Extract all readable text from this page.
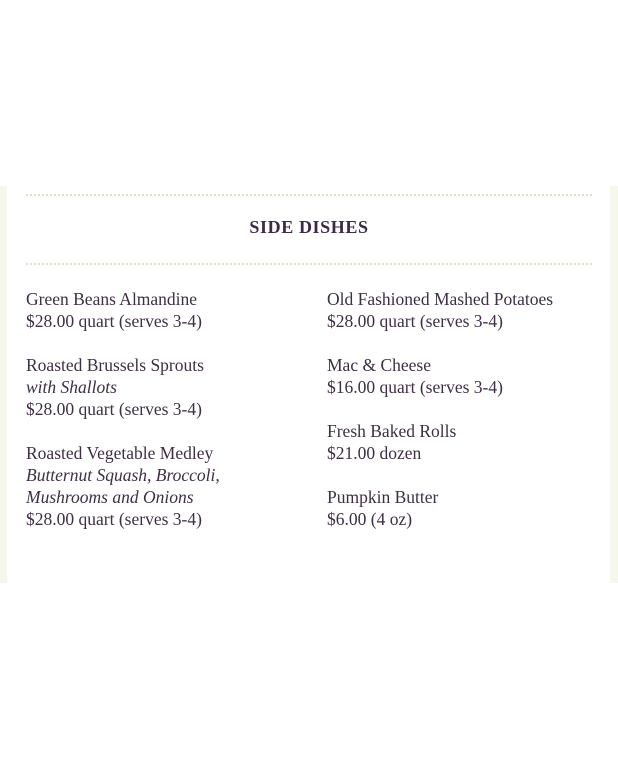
SIDE DISHES
Green Beans Almandine
$28.00 quart (serves 3-4)
Roasted Brussels Sprouts
with Shallots
$28.00 quart (serves 3-4)
Roasted Vegetable Medley
Butternut Squash, Broccoli,
Mushrooms and Onions
$28.00 quart (serves 3-4)
Old Fashioned Mashed Potatoes
$28.00 quart (serves 3-4)
Mac & Cheese
$16.00 quart (serves 3-4)
Fresh Baked Rolls
$21.00 dozen
Pumpkin Butter
$6.00 (4 oz)
